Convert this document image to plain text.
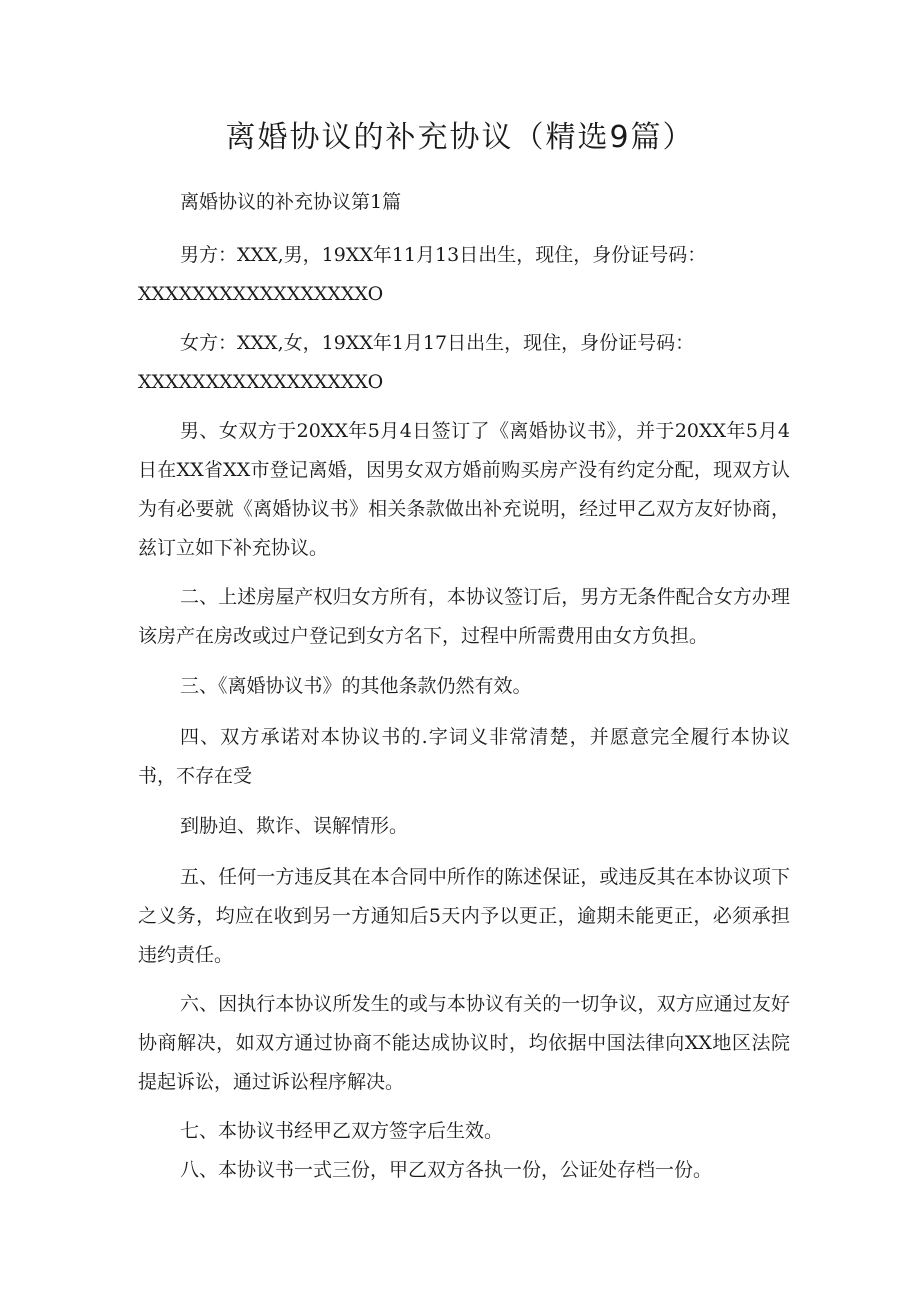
离婚协议的补充协议（精选9篇）
离婚协议的补充协议第1篇
男方：XXX,男，19XX年11月13日出生，现住，身份证号码：
XXXXXXXXXXXXXXXXXO
女方：XXX,女，19XX年1月17日出生，现住，身份证号码：
XXXXXXXXXXXXXXXXXO
男、女双方于20XX年5月4日签订了《离婚协议书》，并于20XX年5月4日在XX省XX市登记离婚，因男女双方婚前购买房产没有约定分配，现双方认为有必要就《离婚协议书》相关条款做出补充说明，经过甲乙双方友好协商，兹订立如下补充协议。
二、上述房屋产权归女方所有，本协议签订后，男方无条件配合女方办理该房产在房改或过户登记到女方名下，过程中所需费用由女方负担。
三、《离婚协议书》的其他条款仍然有效。
四、双方承诺对本协议书的.字词义非常清楚，并愿意完全履行本协议书，不存在受
到胁迫、欺诈、误解情形。
五、任何一方违反其在本合同中所作的陈述保证，或违反其在本协议项下之义务，均应在收到另一方通知后5天内予以更正，逾期未能更正，必须承担违约责任。
六、因执行本协议所发生的或与本协议有关的一切争议，双方应通过友好协商解决，如双方通过协商不能达成协议时，均依据中国法律向XX地区法院提起诉讼，通过诉讼程序解决。
七、本协议书经甲乙双方签字后生效。
八、本协议书一式三份，甲乙双方各执一份，公证处存档一份。
